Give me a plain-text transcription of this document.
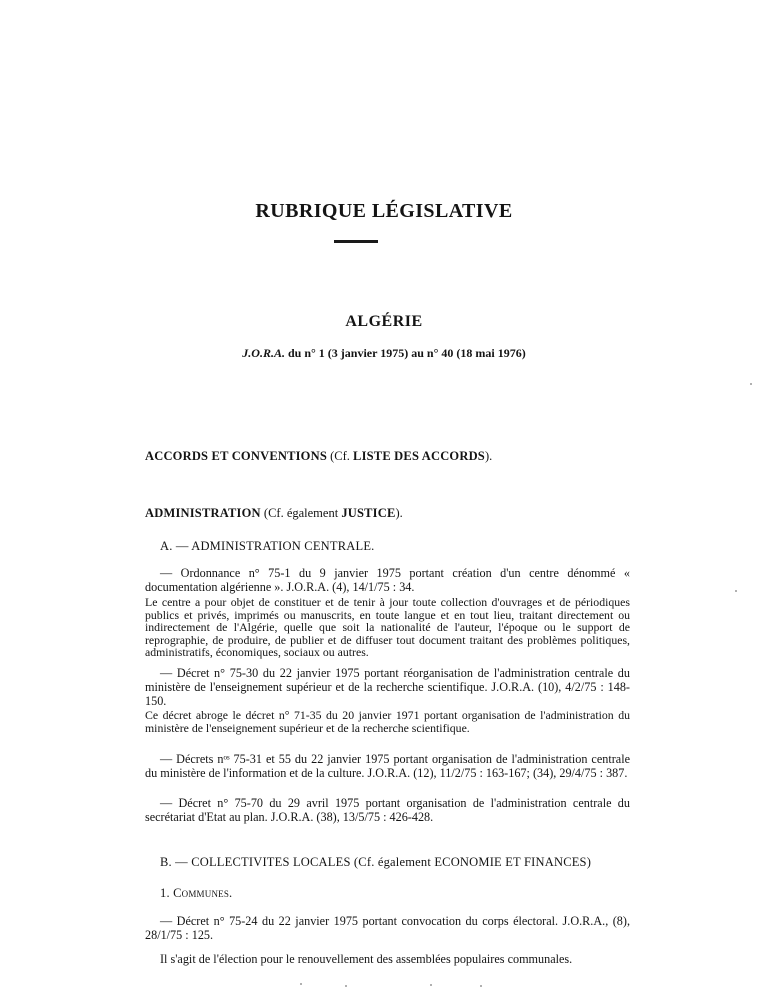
RUBRIQUE LÉGISLATIVE
ALGÉRIE
J.O.R.A. du n° 1 (3 janvier 1975) au n° 40 (18 mai 1976)
ACCORDS ET CONVENTIONS (Cf. LISTE DES ACCORDS).
ADMINISTRATION (Cf. également JUSTICE).
A. — ADMINISTRATION CENTRALE.
— Ordonnance n° 75-1 du 9 janvier 1975 portant création d'un centre dénommé « documentation algérienne ». J.O.R.A. (4), 14/1/75 : 34.
Le centre a pour objet de constituer et de tenir à jour toute collection d'ouvrages et de périodiques publics et privés, imprimés ou manuscrits, en toute langue et en tout lieu, traitant directement ou indirectement de l'Algérie, quelle que soit la nationalité de l'auteur, l'époque ou le support de reprographie, de produire, de publier et de diffuser tout document traitant des problèmes politiques, administratifs, économiques, sociaux ou autres.
— Décret n° 75-30 du 22 janvier 1975 portant réorganisation de l'administration centrale du ministère de l'enseignement supérieur et de la recherche scientifique. J.O.R.A. (10), 4/2/75 : 148-150.
Ce décret abroge le décret n° 71-35 du 20 janvier 1971 portant organisation de l'administration du ministère de l'enseignement supérieur et de la recherche scientifique.
— Décrets nᵒˢ 75-31 et 55 du 22 janvier 1975 portant organisation de l'administration centrale du ministère de l'information et de la culture. J.O.R.A. (12), 11/2/75 : 163-167; (34), 29/4/75 : 387.
— Décret n° 75-70 du 29 avril 1975 portant organisation de l'administration centrale du secrétariat d'Etat au plan. J.O.R.A. (38), 13/5/75 : 426-428.
B. — COLLECTIVITES LOCALES (Cf. également ECONOMIE ET FINANCES)
1. Communes.
— Décret n° 75-24 du 22 janvier 1975 portant convocation du corps électoral. J.O.R.A., (8), 28/1/75 : 125.
Il s'agit de l'élection pour le renouvellement des assemblées populaires communales.
